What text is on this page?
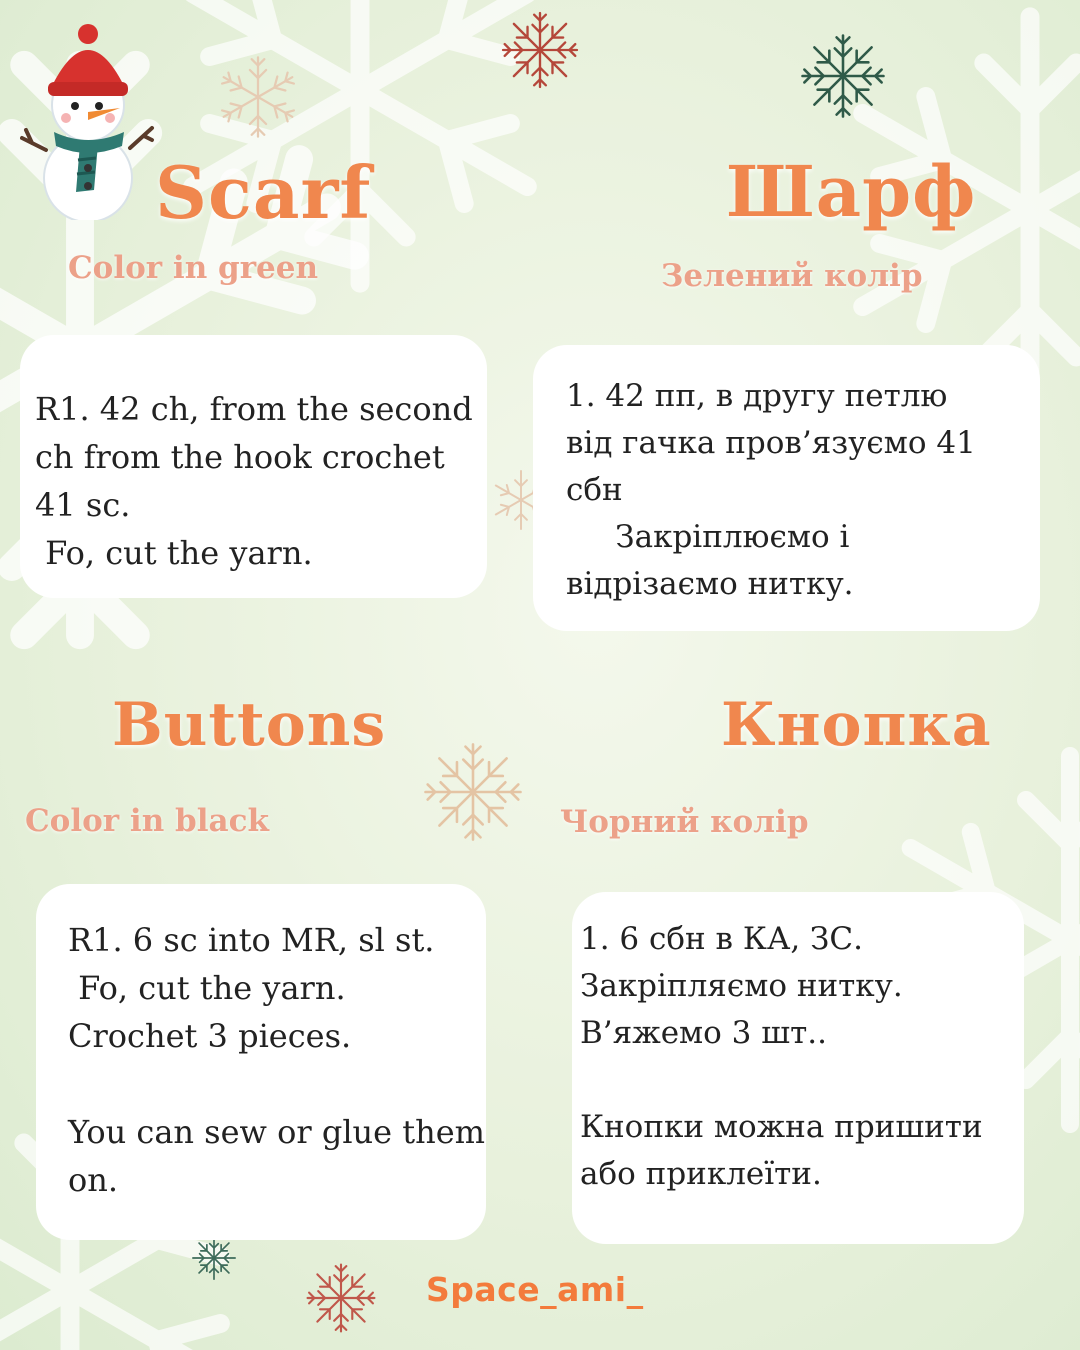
Scarf	Шарф

Color in green	Зелений колір

R1. 42 ch, from the second
ch from the hook crochet
41 sc.
Fo, cut the yarn.
1. 42 пп, в другу петлю
від гачка пров’язуємо 41
сбн
Закріплюємо і
відрізаємо нитку.
Buttons	Кнопка

Color in black	Чорний колір

R1. 6 sc into MR, sl st.
Fo, cut the yarn.
Crochet 3 pieces.

You can sew or glue them
on.
1. 6 сбн в КА, ЗС.
Закріпляємо нитку.
В’яжемо 3 шт..

Кнопки можна пришити
або приклеїти.
Space_ami_
